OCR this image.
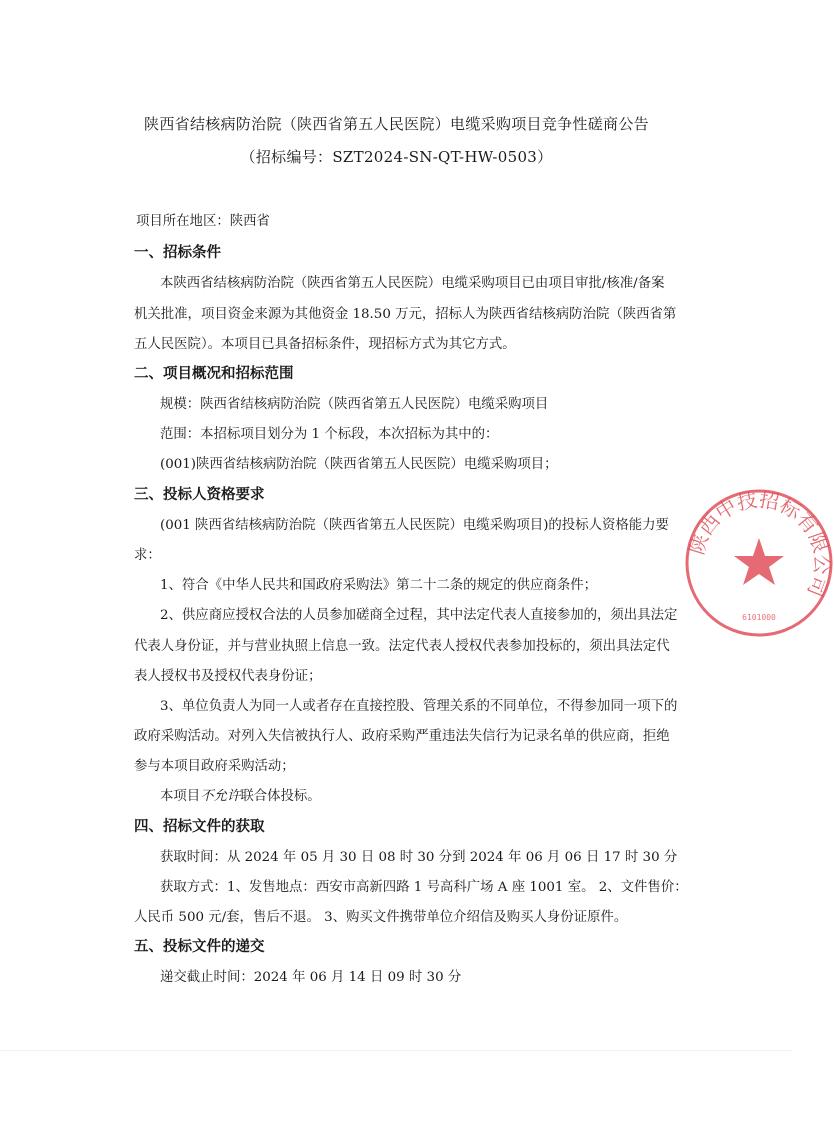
陕西省结核病防治院（陕西省第五人民医院）电缆采购项目竞争性磋商公告
（招标编号：SZT2024-SN-QT-HW-0503）
项目所在地区：陕西省
一、招标条件
本陕西省结核病防治院（陕西省第五人民医院）电缆采购项目已由项目审批/核准/备案
机关批准，项目资金来源为其他资金 18.50 万元，招标人为陕西省结核病防治院（陕西省第
五人民医院）。本项目已具备招标条件，现招标方式为其它方式。
二、项目概况和招标范围
规模：陕西省结核病防治院（陕西省第五人民医院）电缆采购项目
范围：本招标项目划分为 1 个标段，本次招标为其中的：
(001)陕西省结核病防治院（陕西省第五人民医院）电缆采购项目；
三、投标人资格要求
(001 陕西省结核病防治院（陕西省第五人民医院）电缆采购项目)的投标人资格能力要
求：
1、符合《中华人民共和国政府采购法》第二十二条的规定的供应商条件；
2、供应商应授权合法的人员参加磋商全过程，其中法定代表人直接参加的，须出具法定
代表人身份证，并与营业执照上信息一致。法定代表人授权代表参加投标的，须出具法定代
表人授权书及授权代表身份证；
3、单位负责人为同一人或者存在直接控股、管理关系的不同单位，不得参加同一项下的
政府采购活动。对列入失信被执行人、政府采购严重违法失信行为记录名单的供应商，拒绝
参与本项目政府采购活动；
本项目不允许联合体投标。
四、招标文件的获取
获取时间：从 2024 年 05 月 30 日 08 时 30 分到 2024 年 06 月 06 日 17 时 30 分
获取方式：1、发售地点：西安市高新四路 1 号高科广场 A 座 1001 室。 2、文件售价：
人民币 500 元/套，售后不退。 3、购买文件携带单位介绍信及购买人身份证原件。
五、投标文件的递交
递交截止时间：2024 年 06 月 14 日 09 时 30 分
陕西中技招标有限公司
6101000
